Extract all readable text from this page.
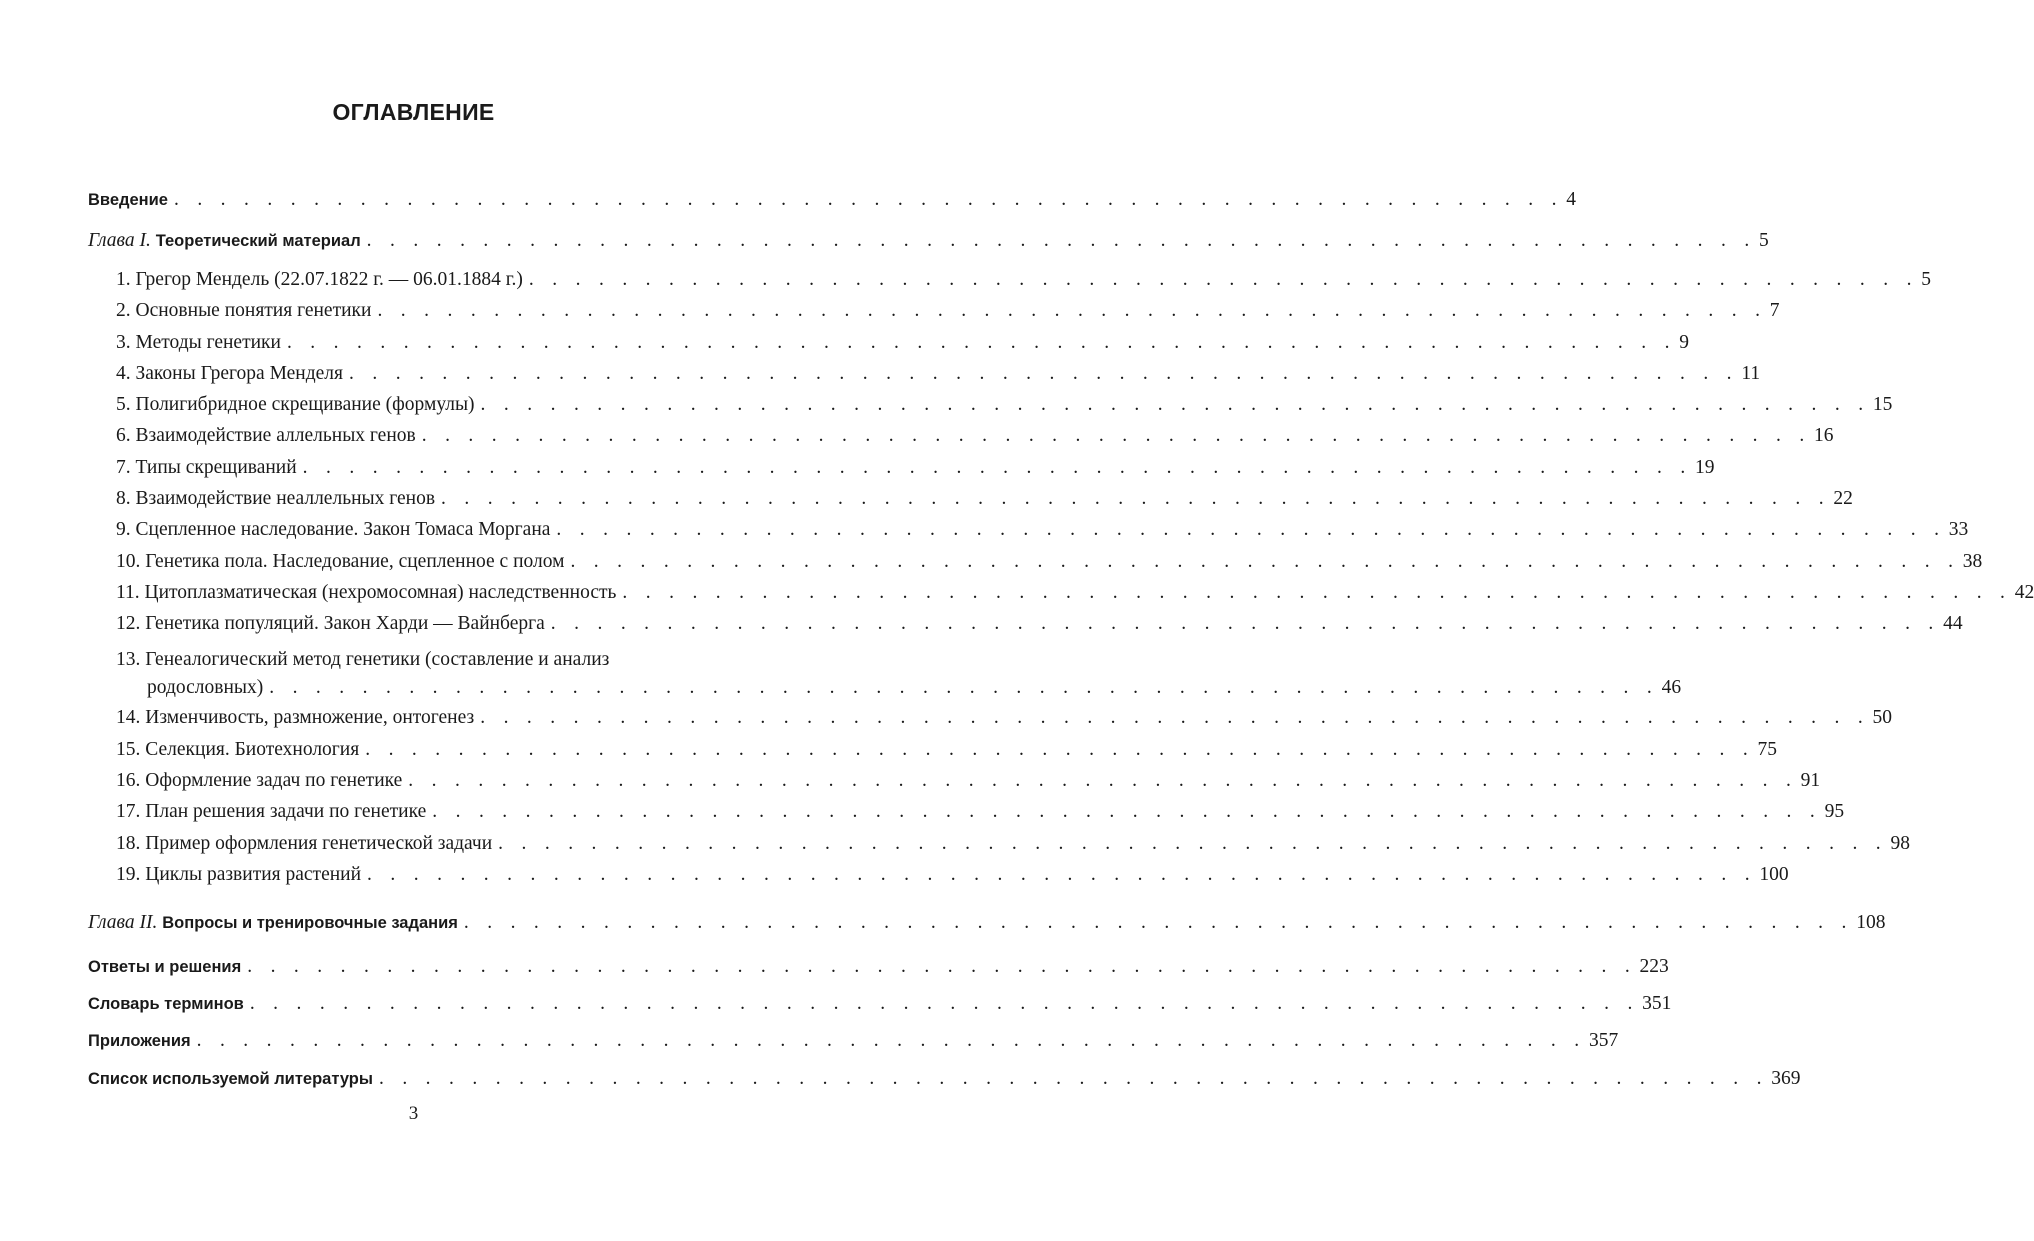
ОГЛАВЛЕНИЕ
Введение . . . . . . . . . . . . . . . . . . . . . . . . . . . . . . . . . . . . . . . . . . . . . . . . . . . . . . . . . . . . 4
Глава I. Теоретический материал . . . . . . . . . . . . . . . . . . . . . . . . . . . . . . . . . . . . . . . . . . . . . . . . . . . . . . . . . . . . 5
1. Грегор Мендель (22.07.1822 г. — 06.01.1884 г.) . . . . . . . . . . . . . . . . . . . . . . . . . . . . . . . . . . . . . . . . . . . . . . . . . . . . . . . . . . . . 5
2. Основные понятия генетики . . . . . . . . . . . . . . . . . . . . . . . . . . . . . . . . . . . . . . . . . . . . . . . . . . . . . . . . . . . . 7
3. Методы генетики . . . . . . . . . . . . . . . . . . . . . . . . . . . . . . . . . . . . . . . . . . . . . . . . . . . . . . . . . . . . 9
4. Законы Грегора Менделя . . . . . . . . . . . . . . . . . . . . . . . . . . . . . . . . . . . . . . . . . . . . . . . . . . . . . . . . . . . . 11
5. Полигибридное скрещивание (формулы) . . . . . . . . . . . . . . . . . . . . . . . . . . . . . . . . . . . . . . . . . . . . . . . . . . . . . . . . . . . . 15
6. Взаимодействие аллельных генов . . . . . . . . . . . . . . . . . . . . . . . . . . . . . . . . . . . . . . . . . . . . . . . . . . . . . . . . . . . . 16
7. Типы скрещиваний . . . . . . . . . . . . . . . . . . . . . . . . . . . . . . . . . . . . . . . . . . . . . . . . . . . . . . . . . . . . 19
8. Взаимодействие неаллельных генов . . . . . . . . . . . . . . . . . . . . . . . . . . . . . . . . . . . . . . . . . . . . . . . . . . . . . . . . . . . . 22
9. Сцепленное наследование. Закон Томаса Моргана . . . . . . . . . . . . . . . . . . . . . . . . . . . . . . . . . . . . . . . . . . . . . . . . . . . . . . . . . . . . 33
10. Генетика пола. Наследование, сцепленное с полом . . . . . . . . . . . . . . . . . . . . . . . . . . . . . . . . . . . . . . . . . . . . . . . . . . . . . . . . . . . . 38
11. Цитоплазматическая (нехромосомная) наследственность . . . . . . . . . . . . . . . . . . . . . . . . . . . . . . . . . . . . . . . . . . . . . . . . . . . . . . . . . . . . 42
12. Генетика популяций. Закон Харди — Вайнберга . . . . . . . . . . . . . . . . . . . . . . . . . . . . . . . . . . . . . . . . . . . . . . . . . . . . . . . . . . . . 44
13. Генеалогический метод генетики (составление и анализ
родословных) . . . . . . . . . . . . . . . . . . . . . . . . . . . . . . . . . . . . . . . . . . . . . . . . . . . . . . . . . . . . 46
14. Изменчивость, размножение, онтогенез . . . . . . . . . . . . . . . . . . . . . . . . . . . . . . . . . . . . . . . . . . . . . . . . . . . . . . . . . . . . 50
15. Селекция. Биотехнология . . . . . . . . . . . . . . . . . . . . . . . . . . . . . . . . . . . . . . . . . . . . . . . . . . . . . . . . . . . . 75
16. Оформление задач по генетике . . . . . . . . . . . . . . . . . . . . . . . . . . . . . . . . . . . . . . . . . . . . . . . . . . . . . . . . . . . . 91
17. План решения задачи по генетике . . . . . . . . . . . . . . . . . . . . . . . . . . . . . . . . . . . . . . . . . . . . . . . . . . . . . . . . . . . . 95
18. Пример оформления генетической задачи . . . . . . . . . . . . . . . . . . . . . . . . . . . . . . . . . . . . . . . . . . . . . . . . . . . . . . . . . . . . 98
19. Циклы развития растений . . . . . . . . . . . . . . . . . . . . . . . . . . . . . . . . . . . . . . . . . . . . . . . . . . . . . . . . . . . . 100
Глава II. Вопросы и тренировочные задания . . . . . . . . . . . . . . . . . . . . . . . . . . . . . . . . . . . . . . . . . . . . . . . . . . . . . . . . . . . . 108
Ответы и решения . . . . . . . . . . . . . . . . . . . . . . . . . . . . . . . . . . . . . . . . . . . . . . . . . . . . . . . . . . . . 223
Словарь терминов . . . . . . . . . . . . . . . . . . . . . . . . . . . . . . . . . . . . . . . . . . . . . . . . . . . . . . . . . . . . 351
Приложения . . . . . . . . . . . . . . . . . . . . . . . . . . . . . . . . . . . . . . . . . . . . . . . . . . . . . . . . . . . . 357
Список используемой литературы . . . . . . . . . . . . . . . . . . . . . . . . . . . . . . . . . . . . . . . . . . . . . . . . . . . . . . . . . . . . 369
3
